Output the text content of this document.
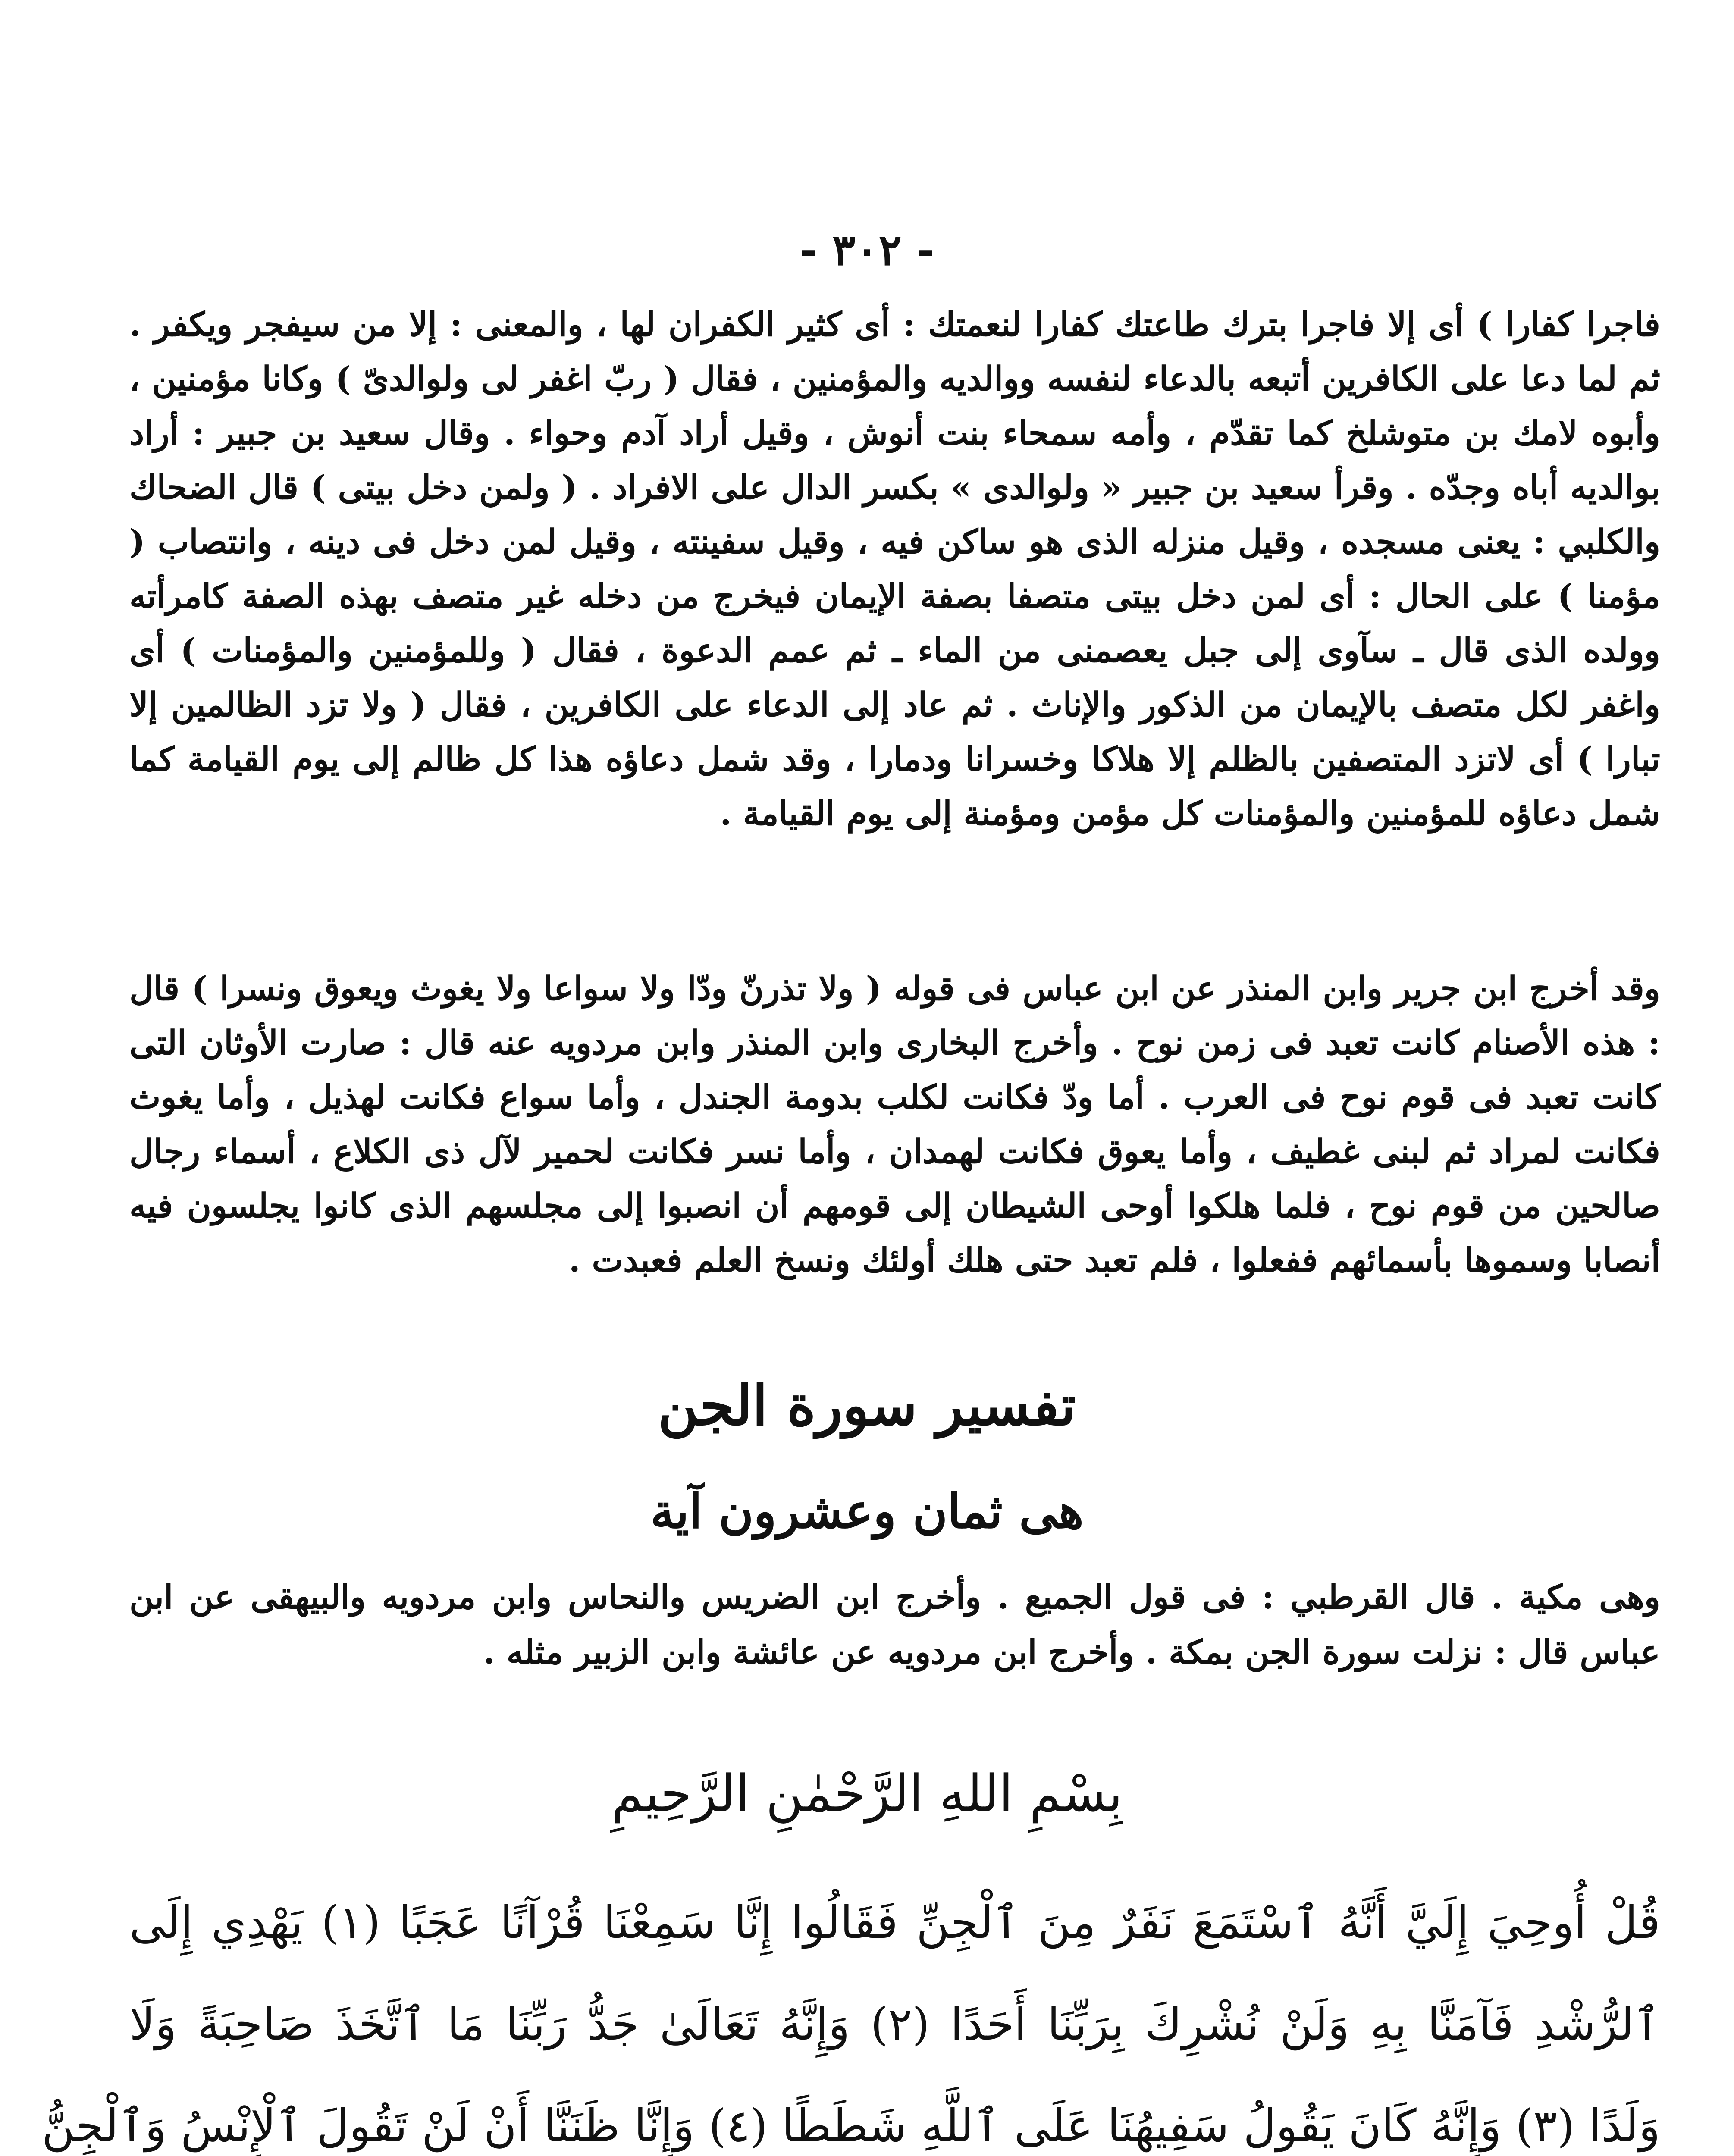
- ٣٠٢ -

فاجرا كفارا ) أى إلا فاجرا بترك طاعتك كفارا لنعمتك : أى كثير الكفران لها ، والمعنى : إلا من سيفجر ويكفر . ثم لما دعا على الكافرين أتبعه بالدعاء لنفسه ووالديه والمؤمنين ، فقال ( ربّ اغفر لى ولوالدىّ ) وكانا مؤمنين ، وأبوه لامك بن متوشلخ كما تقدّم ، وأمه سمحاء بنت أنوش ، وقيل أراد آدم وحواء . وقال سعيد بن جبير : أراد بوالديه أباه وجدّه . وقرأ سعيد بن جبير « ولوالدى » بكسر الدال على الافراد . ( ولمن دخل بيتى ) قال الضحاك والكلبي : يعنى مسجده ، وقيل منزله الذى هو ساكن فيه ، وقيل سفينته ، وقيل لمن دخل فى دينه ، وانتصاب ( مؤمنا ) على الحال : أى لمن دخل بيتى متصفا بصفة الإيمان فيخرج من دخله غير متصف بهذه الصفة كامرأته وولده الذى قال ـ سآوى إلى جبل يعصمنى من الماء ـ ثم عمم الدعوة ، فقال ( وللمؤمنين والمؤمنات ) أى واغفر لكل متصف بالإيمان من الذكور والإناث . ثم عاد إلى الدعاء على الكافرين ، فقال ( ولا تزد الظالمين إلا تبارا ) أى لاتزد المتصفين بالظلم إلا هلاكا وخسرانا ودمارا ، وقد شمل دعاؤه هذا كل ظالم إلى يوم القيامة كما شمل دعاؤه للمؤمنين والمؤمنات كل مؤمن ومؤمنة إلى يوم القيامة .

وقد أخرج ابن جرير وابن المنذر عن ابن عباس فى قوله ( ولا تذرنّ ودّا ولا سواعا ولا يغوث ويعوق ونسرا ) قال : هذه الأصنام كانت تعبد فى زمن نوح . وأخرج البخارى وابن المنذر وابن مردويه عنه قال : صارت الأوثان التى كانت تعبد فى قوم نوح فى العرب . أما ودّ فكانت لكلب بدومة الجندل ، وأما سواع فكانت لهذيل ، وأما يغوث فكانت لمراد ثم لبنى غطيف ، وأما يعوق فكانت لهمدان ، وأما نسر فكانت لحمير لآل ذى الكلاع ، أسماء رجال صالحين من قوم نوح ، فلما هلكوا أوحى الشيطان إلى قومهم أن انصبوا إلى مجلسهم الذى كانوا يجلسون فيه أنصابا وسموها بأسمائهم ففعلوا ، فلم تعبد حتى هلك أولئك ونسخ العلم فعبدت .

تفسير سورة الجن
هى ثمان وعشرون آية

وهى مكية . قال القرطبي : فى قول الجميع . وأخرج ابن الضريس والنحاس وابن مردويه والبيهقى عن ابن عباس قال : نزلت سورة الجن بمكة . وأخرج ابن مردويه عن عائشة وابن الزبير مثله .

بِسْمِ اللهِ الرَّحْمٰنِ الرَّحِيمِ
قُلْ أُوحِيَ إِلَيَّ أَنَّهُ ٱسْتَمَعَ نَفَرٌ مِنَ ٱلْجِنِّ فَقَالُوا إِنَّا سَمِعْنَا قُرْآنًا عَجَبًا (١) يَهْدِي إِلَى
ٱلرُّشْدِ فَآمَنَّا بِهِ وَلَنْ نُشْرِكَ بِرَبِّنَا أَحَدًا (٢) وَإِنَّهُ تَعَالَىٰ جَدُّ رَبِّنَا مَا ٱتَّخَذَ صَاحِبَةً وَلَا
وَلَدًا (٣) وَإِنَّهُ كَانَ يَقُولُ سَفِيهُنَا عَلَى ٱللَّهِ شَطَطًا (٤) وَإِنَّا ظَنَنَّا أَنْ لَنْ تَقُولَ ٱلْإِنْسُ وَٱلْجِنُّ
